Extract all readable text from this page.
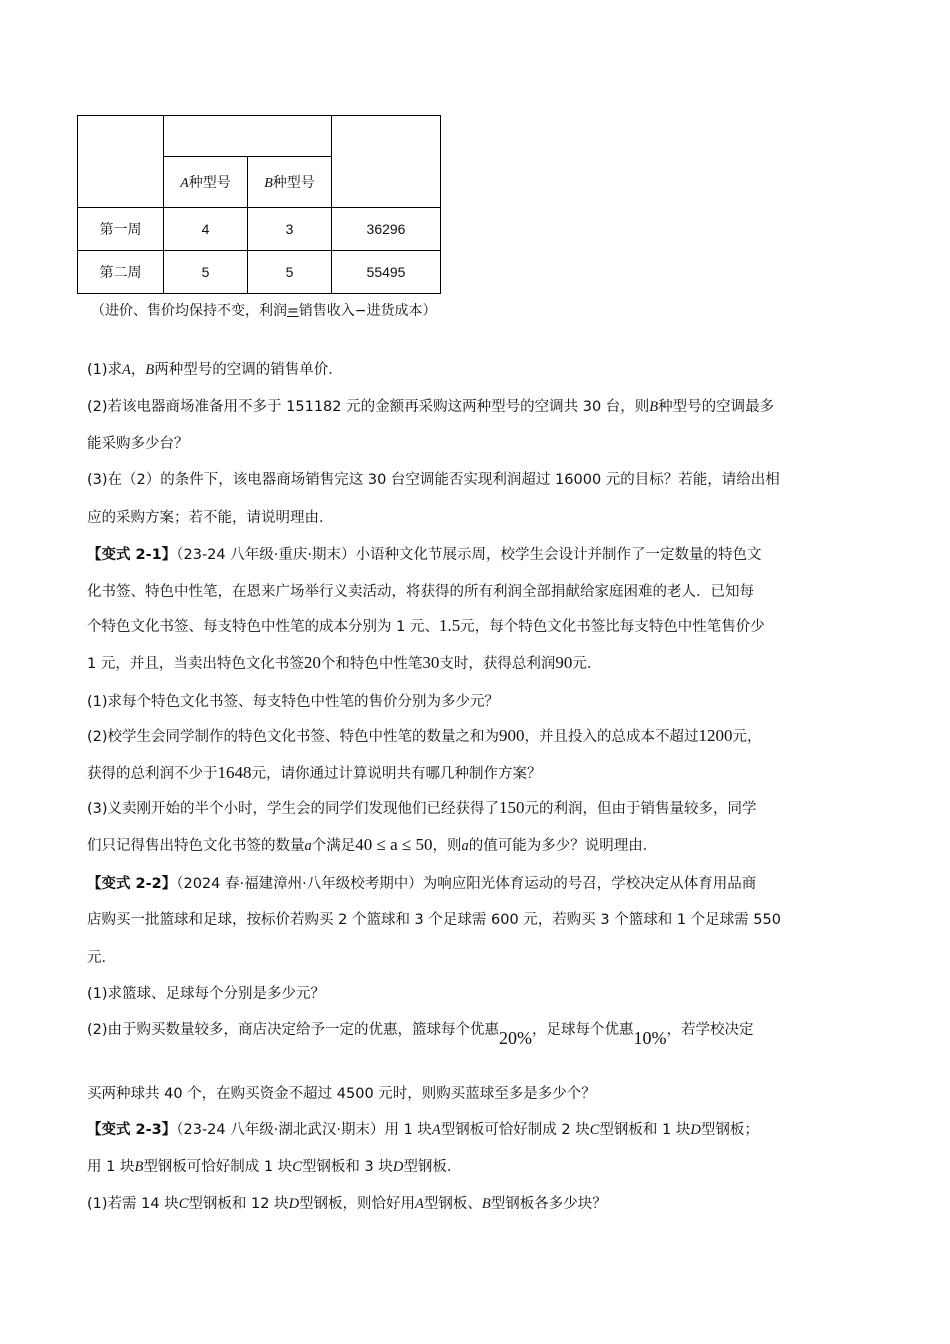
	A种型号	B种型号	
第一周	4	3	36296
第二周	5	5	55495
（进价、售价均保持不变，利润=销售收入−进货成本）
(1)求A，B两种型号的空调的销售单价．
(2)若该电器商场准备用不多于 151182 元的金额再采购这两种型号的空调共 30 台，则B种型号的空调最多
能采购多少台？
(3)在（2）的条件下，该电器商场销售完这 30 台空调能否实现利润超过 16000 元的目标？若能，请给出相
应的采购方案；若不能，请说明理由．
【变式 2-1】（23-24 八年级·重庆·期末）小语种文化节展示周，校学生会设计并制作了一定数量的特色文
化书签、特色中性笔，在恩来广场举行义卖活动，将获得的所有利润全部捐献给家庭困难的老人．已知每
个特色文化书签、每支特色中性笔的成本分别为 1 元、1.5元，每个特色文化书签比每支特色中性笔售价少
1 元，并且，当卖出特色文化书签20个和特色中性笔30支时，获得总利润90元．
(1)求每个特色文化书签、每支特色中性笔的售价分别为多少元？
(2)校学生会同学制作的特色文化书签、特色中性笔的数量之和为900，并且投入的总成本不超过1200元，
获得的总利润不少于1648元，请你通过计算说明共有哪几种制作方案？
(3)义卖刚开始的半个小时，学生会的同学们发现他们已经获得了150元的利润，但由于销售量较多，同学
们只记得售出特色文化书签的数量a个满足40 ≤ a ≤ 50，则a的值可能为多少？说明理由．
【变式 2-2】（2024 春·福建漳州·八年级校考期中）为响应阳光体育运动的号召，学校决定从体育用品商
店购买一批篮球和足球，按标价若购买 2 个篮球和 3 个足球需 600 元，若购买 3 个篮球和 1 个足球需 550
元．
(1)求篮球、足球每个分别是多少元？
(2)由于购买数量较多，商店决定给予一定的优惠，篮球每个优惠20%，足球每个优惠10%，若学校决定
买两种球共 40 个，在购买资金不超过 4500 元时，则购买蓝球至多是多少个？
【变式 2-3】（23-24 八年级·湖北武汉·期末）用 1 块A型钢板可恰好制成 2 块C型钢板和 1 块D型钢板；
用 1 块B型钢板可恰好制成 1 块C型钢板和 3 块D型钢板．
(1)若需 14 块C型钢板和 12 块D型钢板，则恰好用A型钢板、B型钢板各多少块？
